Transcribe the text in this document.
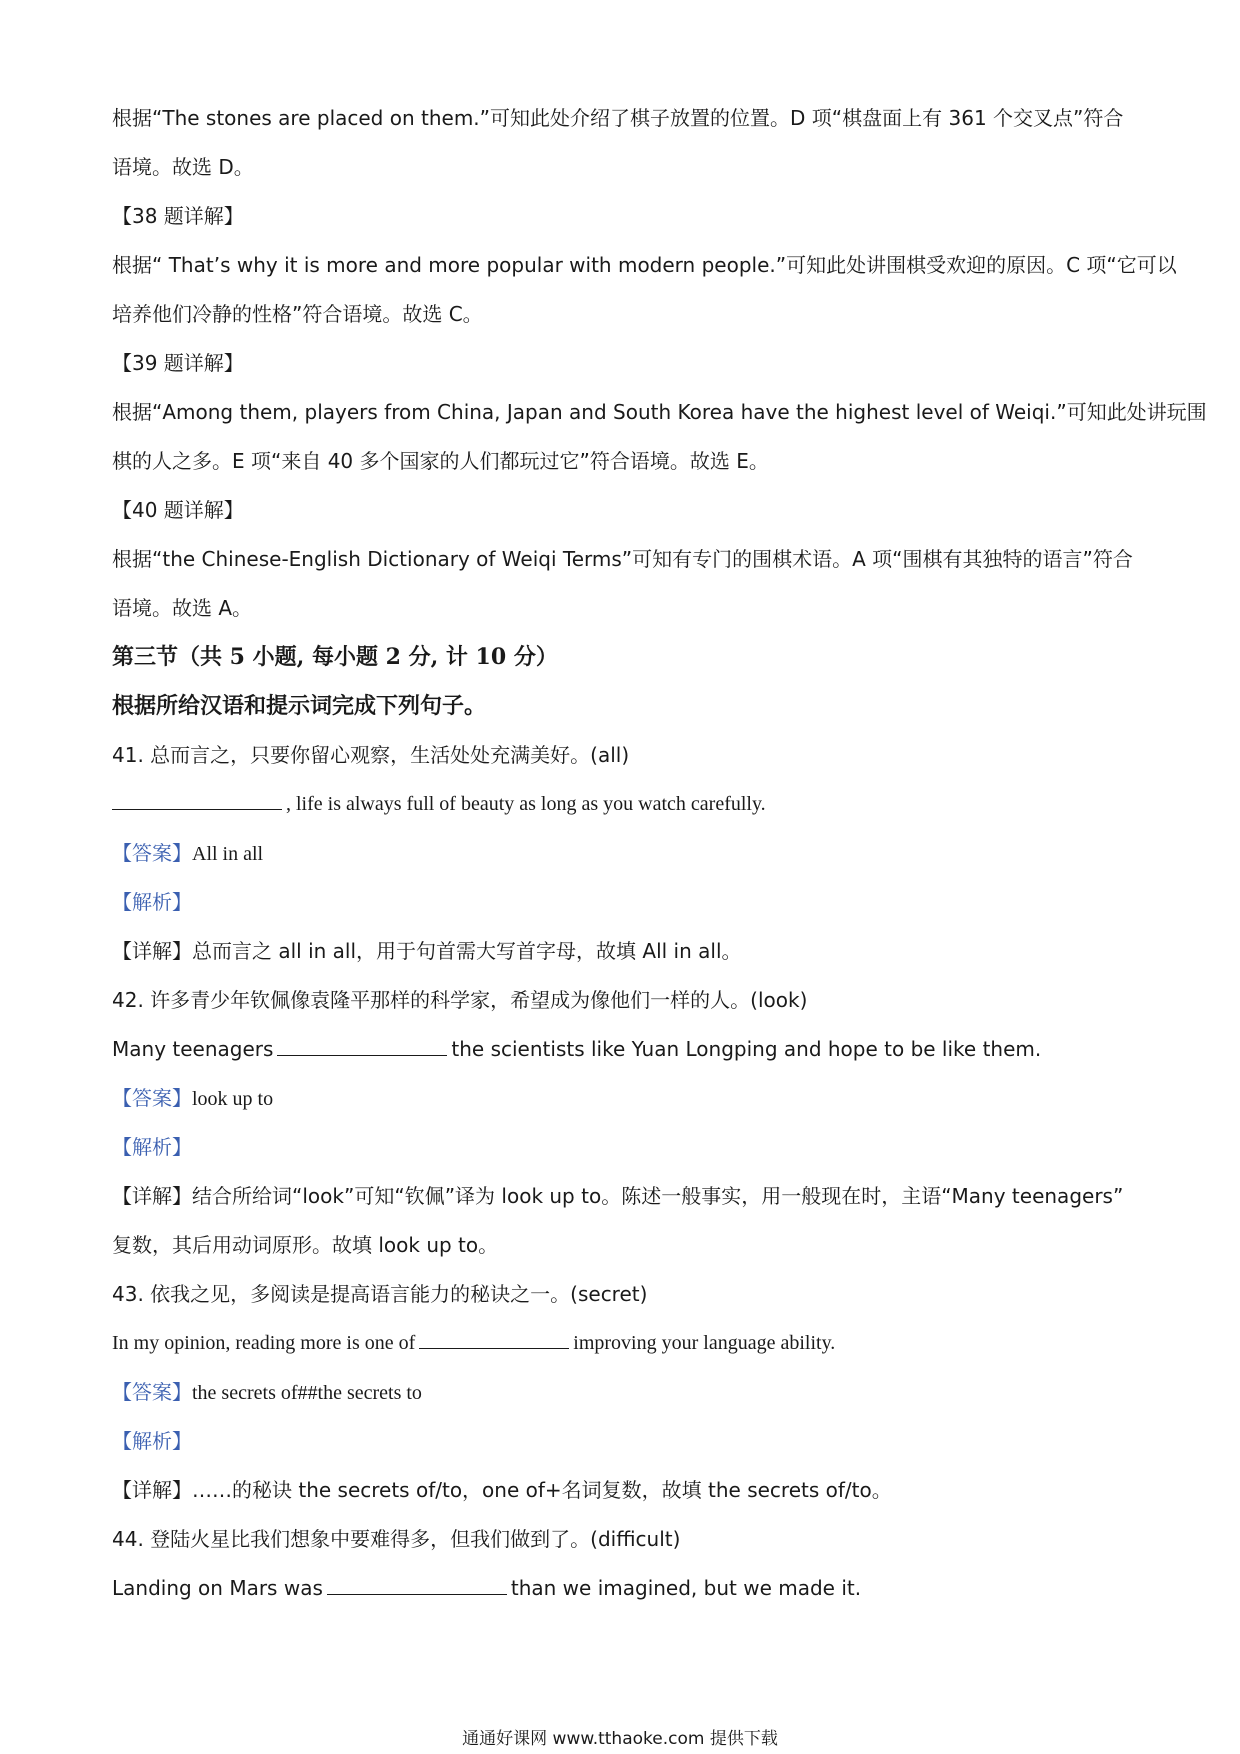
根据“The stones are placed on them.”可知此处介绍了棋子放置的位置。D 项“棋盘面上有 361 个交叉点”符合
语境。故选 D。
【38 题详解】
根据“ That’s why it is more and more popular with modern people.”可知此处讲围棋受欢迎的原因。C 项“它可以
培养他们冷静的性格”符合语境。故选 C。
【39 题详解】
根据“Among them, players from China, Japan and South Korea have the highest level of Weiqi.”可知此处讲玩围
棋的人之多。E 项“来自 40 多个国家的人们都玩过它”符合语境。故选 E。
【40 题详解】
根据“the Chinese-English Dictionary of Weiqi Terms”可知有专门的围棋术语。A 项“围棋有其独特的语言”符合
语境。故选 A。
第三节（共 5 小题, 每小题 2 分, 计 10 分）
根据所给汉语和提示词完成下列句子。
41. 总而言之，只要你留心观察，生活处处充满美好。(all)
, life is always full of beauty as long as you watch carefully.
【答案】All in all
【解析】
【详解】总而言之 all in all，用于句首需大写首字母，故填 All in all。
42. 许多青少年钦佩像袁隆平那样的科学家，希望成为像他们一样的人。(look)
Many teenagers	the scientists like Yuan Longping and hope to be like them.
【答案】look up to
【解析】
【详解】结合所给词“look”可知“钦佩”译为 look up to。陈述一般事实，用一般现在时，主语“Many teenagers”
复数，其后用动词原形。故填 look up to。
43. 依我之见，多阅读是提高语言能力的秘诀之一。(secret)
In my opinion, reading more is one of	improving your language ability.
【答案】the secrets of##the secrets to
【解析】
【详解】……的秘诀 the secrets of/to，one of+名词复数，故填 the secrets of/to。
44. 登陆火星比我们想象中要难得多，但我们做到了。(difficult)
Landing on Mars was	than we imagined, but we made it.
通通好课网 www.tthaoke.com 提供下载
